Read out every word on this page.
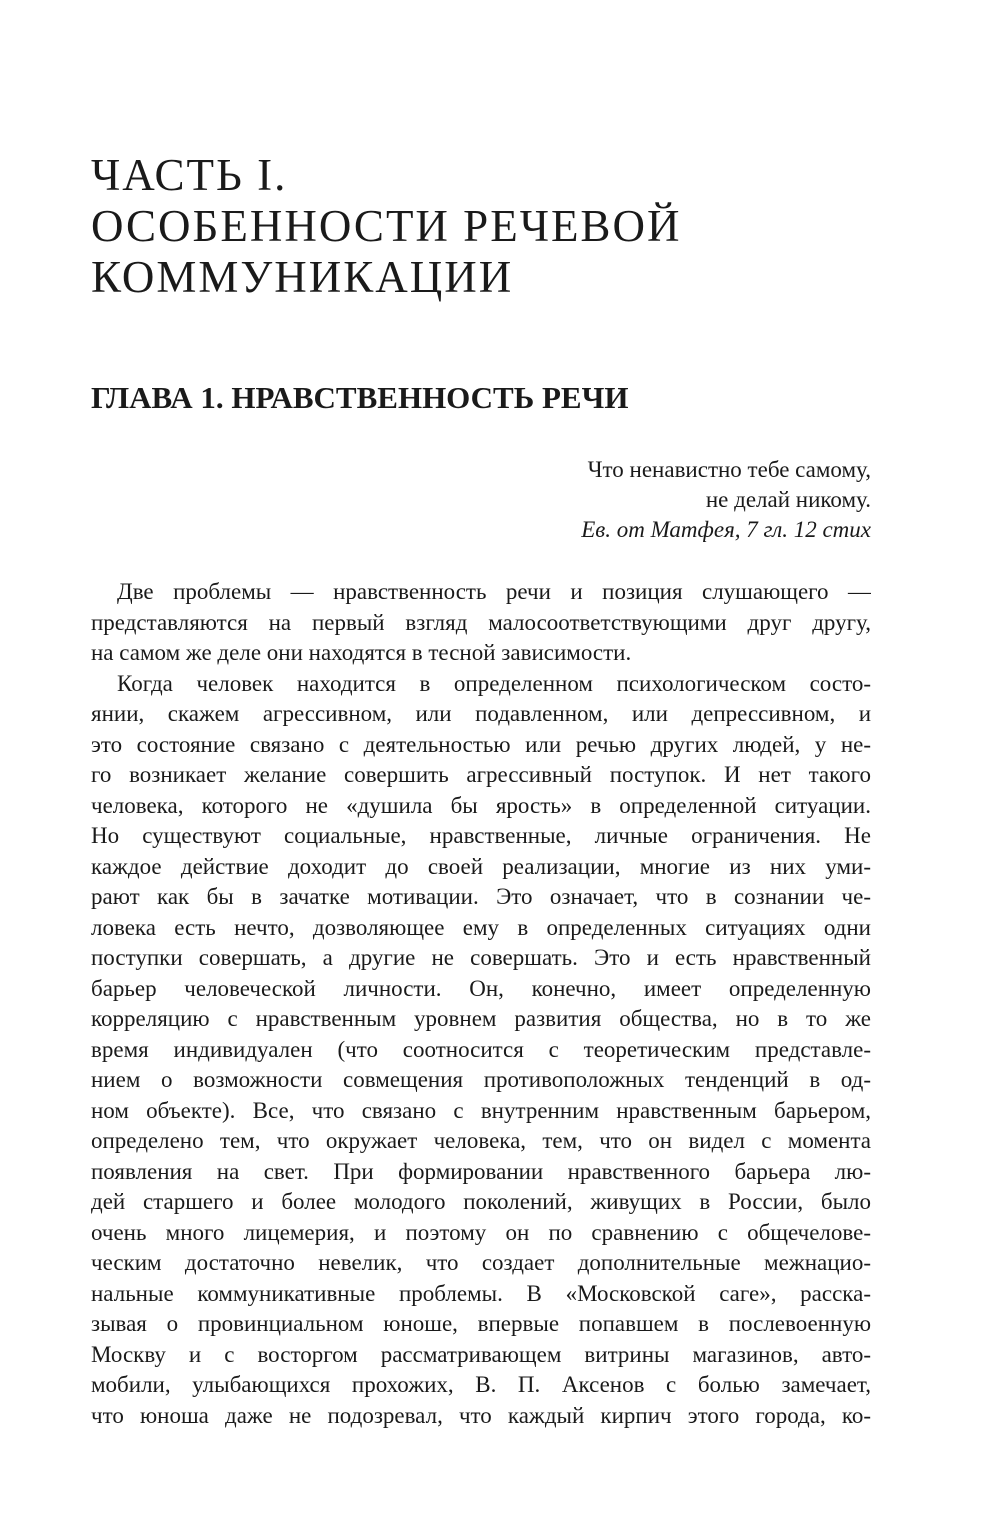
ЧАСТЬ I.
ОСОБЕННОСТИ РЕЧЕВОЙ
КОММУНИКАЦИИ
ГЛАВА 1. НРАВСТВЕННОСТЬ РЕЧИ
Что ненавистно тебе самому,
не делай никому.
Ев. от Матфея, 7 гл. 12 стих
Две проблемы — нравственность речи и позиция слушающего —
представляются на первый взгляд малосоответствующими друг другу,
на самом же деле они находятся в тесной зависимости.
Когда человек находится в определенном психологическом состо-
янии, скажем агрессивном, или подавленном, или депрессивном, и
это состояние связано с деятельностью или речью других людей, у не-
го возникает желание совершить агрессивный поступок. И нет такого
человека, которого не «душила бы ярость» в определенной ситуации.
Но существуют социальные, нравственные, личные ограничения. Не
каждое действие доходит до своей реализации, многие из них уми-
рают как бы в зачатке мотивации. Это означает, что в сознании че-
ловека есть нечто, дозволяющее ему в определенных ситуациях одни
поступки совершать, а другие не совершать. Это и есть нравственный
барьер человеческой личности. Он, конечно, имеет определенную
корреляцию с нравственным уровнем развития общества, но в то же
время индивидуален (что соотносится с теоретическим представле-
нием о возможности совмещения противоположных тенденций в од-
ном объекте). Все, что связано с внутренним нравственным барьером,
определено тем, что окружает человека, тем, что он видел с момента
появления на свет. При формировании нравственного барьера лю-
дей старшего и более молодого поколений, живущих в России, было
очень много лицемерия, и поэтому он по сравнению с общечелове-
ческим достаточно невелик, что создает дополнительные межнацио-
нальные коммуникативные проблемы. В «Московской саге», расска-
зывая о провинциальном юноше, впервые попавшем в послевоенную
Москву и с восторгом рассматривающем витрины магазинов, авто-
мобили, улыбающихся прохожих, В. П. Аксенов с болью замечает,
что юноша даже не подозревал, что каждый кирпич этого города, ко-
